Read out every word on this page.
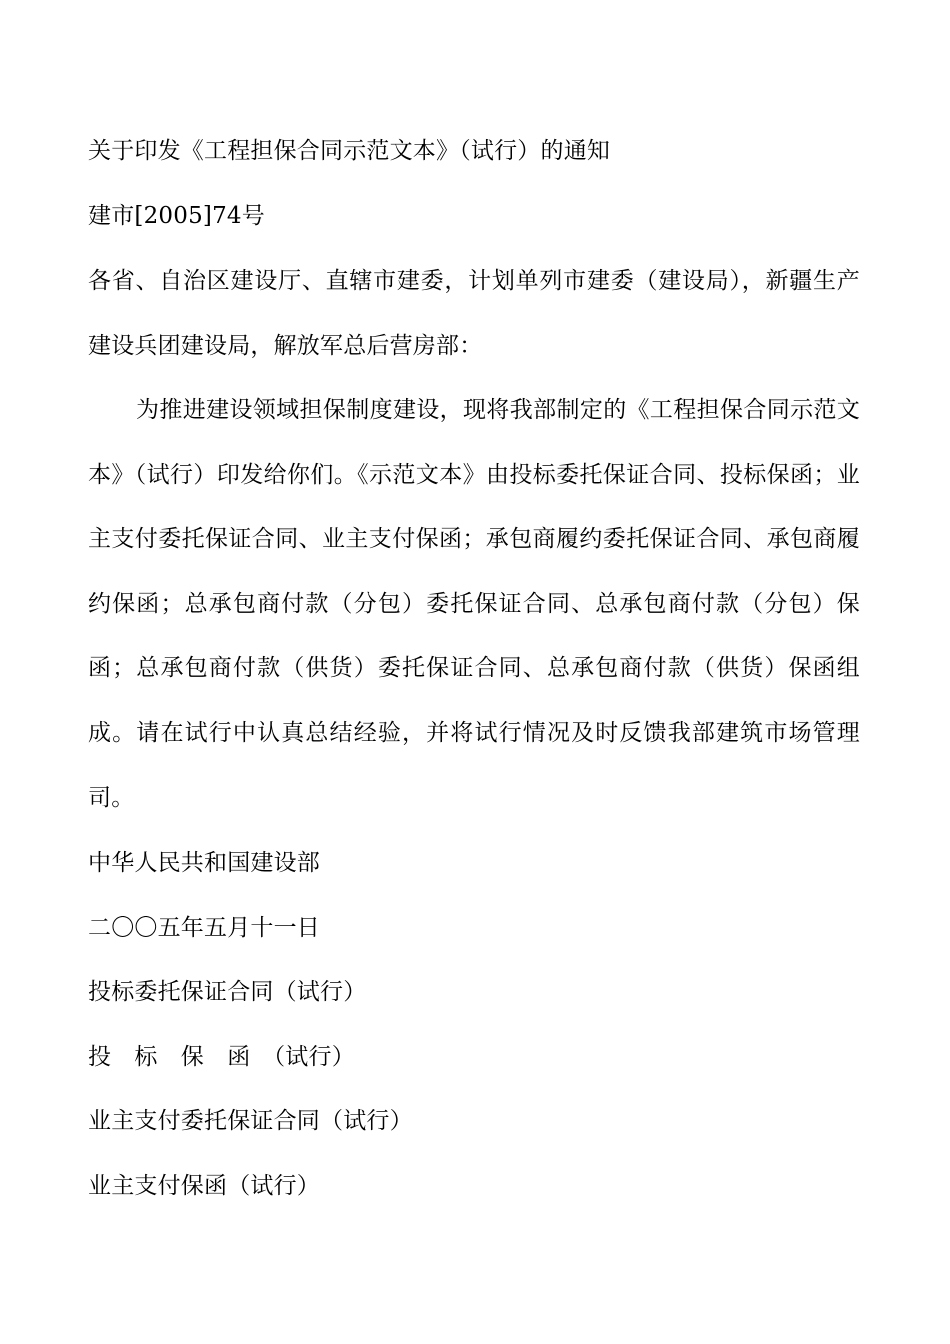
关于印发《工程担保合同示范文本》（试行）的通知
建市[2005]74号
各省、自治区建设厅、直辖市建委，计划单列市建委（建设局），新疆生产建设兵团建设局，解放军总后营房部：
为推进建设领域担保制度建设，现将我部制定的《工程担保合同示范文本》（试行）印发给你们。《示范文本》由投标委托保证合同、投标保函；业主支付委托保证合同、业主支付保函；承包商履约委托保证合同、承包商履约保函；总承包商付款（分包）委托保证合同、总承包商付款（分包）保函；总承包商付款（供货）委托保证合同、总承包商付款（供货）保函组成。请在试行中认真总结经验，并将试行情况及时反馈我部建筑市场管理司。
中华人民共和国建设部
二〇〇五年五月十一日
投标委托保证合同（试行）
投　标　保　函　（试行）
业主支付委托保证合同（试行）
业主支付保函（试行）
